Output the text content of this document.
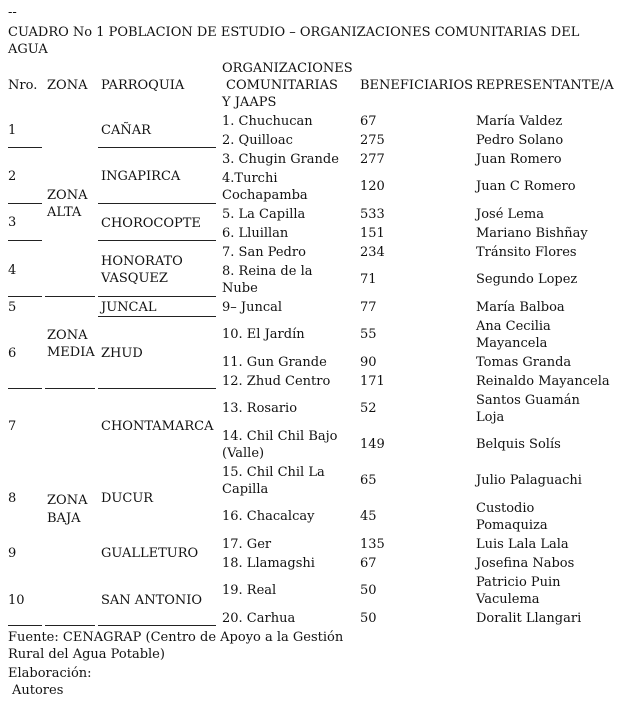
--
CUADRO No 1 POBLACION DE ESTUDIO – ORGANIZACIONES COMUNITARIAS DEL
AGUA
Nro. ZONA PARROQUIA
ORGANIZACIONES
COMUNITARIAS
Y JAAPS
BENEFICIARIOS REPRESENTANTE/A
1
2
3
4
5
6
7
8
9
10
ZONA
ALTA
ZONA
MEDIA
ZONA
BAJA
CAÑAR
INGAPIRCA
CHOROCOPTE
HONORATO
VASQUEZ
JUNCAL
ZHUD
CHONTAMARCA
DUCUR
GUALLETURO
SAN ANTONIO
1. Chuchucan
2. Quilloac
3. Chugin Grande
4.Turchi
Cochapamba
5. La Capilla
6. Lluillan
7. San Pedro
8. Reina de la
Nube
9– Juncal
10. El Jardín
11. Gun Grande
12. Zhud Centro
13. Rosario
14. Chil Chil Bajo
(Valle)
15. Chil Chil La
Capilla
16. Chacalcay
17. Ger
18. Llamagshi
19. Real
20. Carhua
67
275
277
120
533
151
234
71
77
55
90
171
52
149
65
45
135
67
50
50
María Valdez
Pedro Solano
Juan Romero
Juan C Romero
José Lema
Mariano Bishñay
Tránsito Flores
Segundo Lopez
María Balboa
Ana Cecilia
Mayancela
Tomas Granda
Reinaldo Mayancela
Santos Guamán
Loja
Belquis Solís
Julio Palaguachi
Custodio
Pomaquiza
Luis Lala Lala
Josefina Nabos
Patricio Puin
Vaculema
Doralit Llangari
Fuente: CENAGRAP (Centro de Apoyo a la Gestión
Rural del Agua Potable)
Elaboración:
Autores
